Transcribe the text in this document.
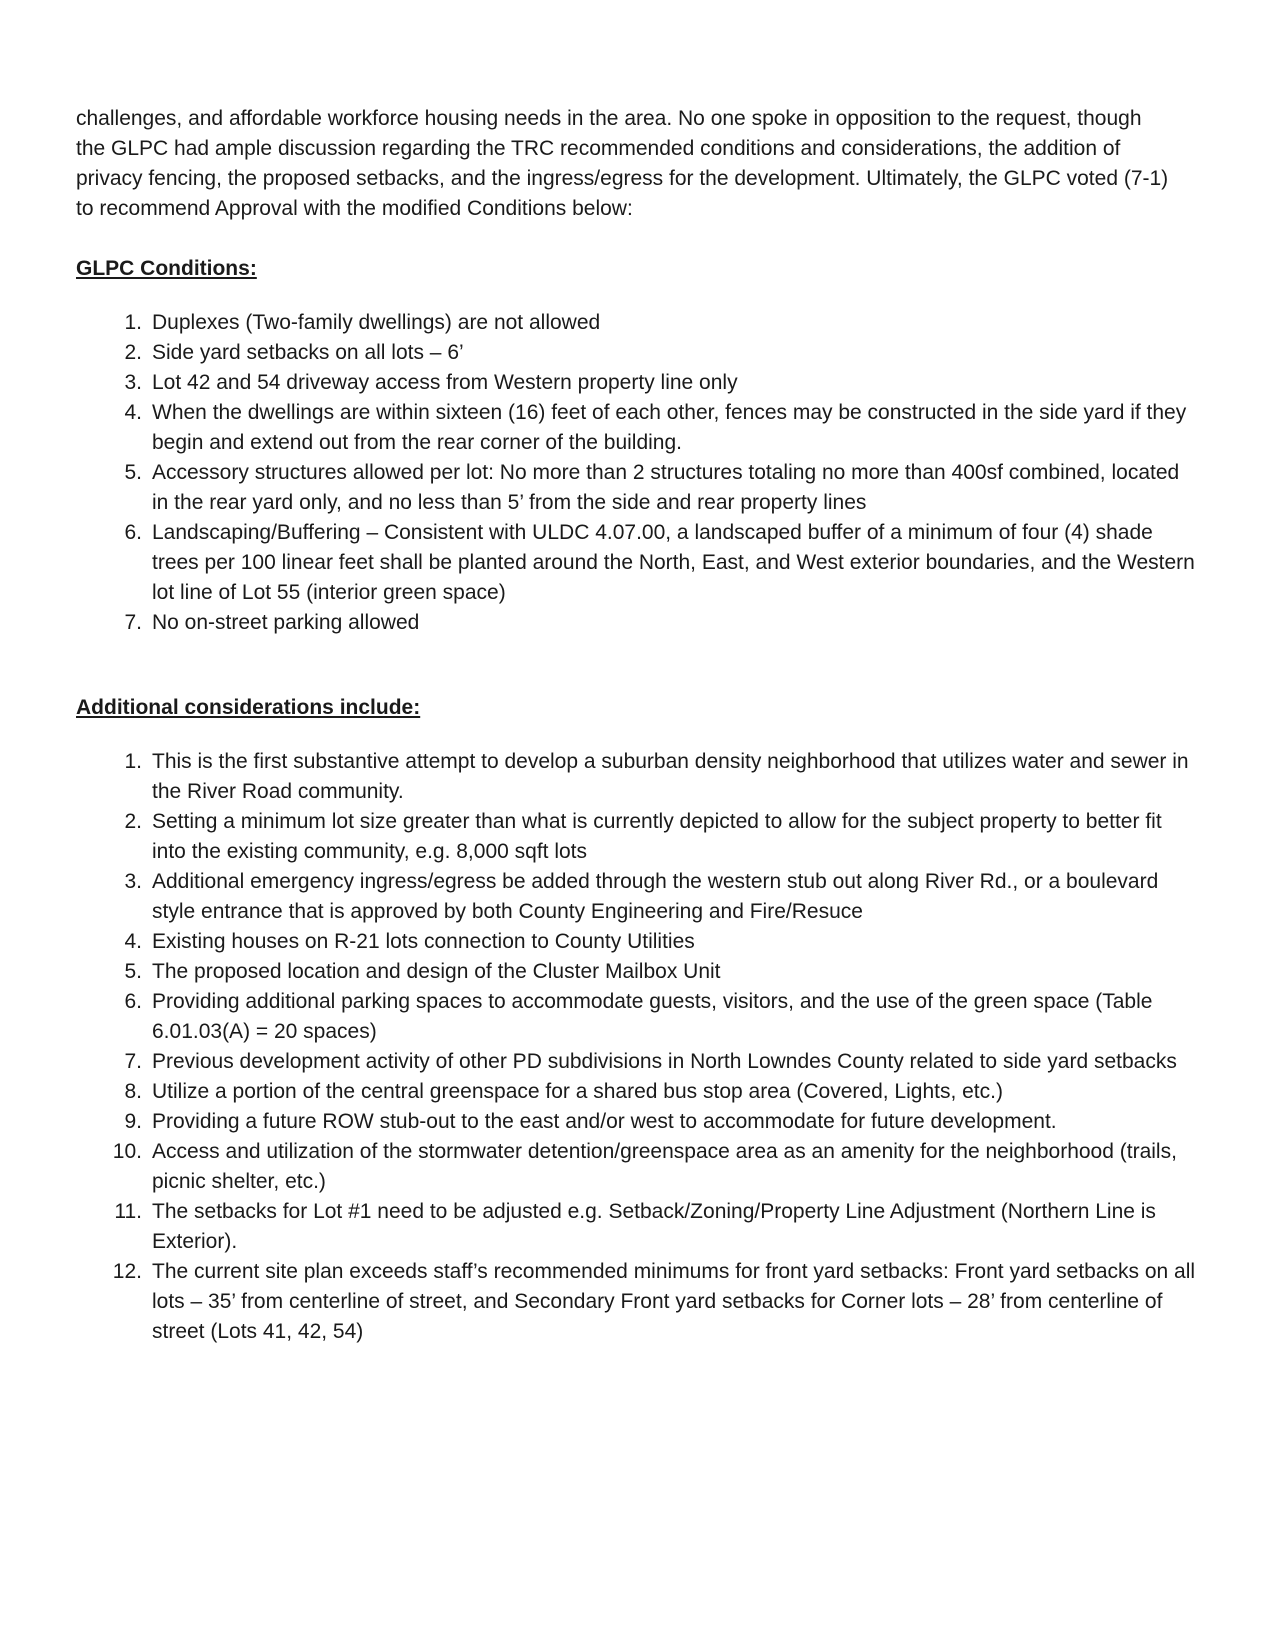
challenges, and affordable workforce housing needs in the area. No one spoke in opposition to the request, though the GLPC had ample discussion regarding the TRC recommended conditions and considerations, the addition of privacy fencing, the proposed setbacks, and the ingress/egress for the development. Ultimately, the GLPC voted (7-1) to recommend Approval with the modified Conditions below:

GLPC Conditions:

1. Duplexes (Two-family dwellings) are not allowed
2. Side yard setbacks on all lots – 6’
3. Lot 42 and 54 driveway access from Western property line only
4. When the dwellings are within sixteen (16) feet of each other, fences may be constructed in the side yard if they begin and extend out from the rear corner of the building.
5. Accessory structures allowed per lot: No more than 2 structures totaling no more than 400sf combined, located in the rear yard only, and no less than 5’ from the side and rear property lines
6. Landscaping/Buffering – Consistent with ULDC 4.07.00, a landscaped buffer of a minimum of four (4) shade trees per 100 linear feet shall be planted around the North, East, and West exterior boundaries, and the Western lot line of Lot 55 (interior green space)
7. No on-street parking allowed

Additional considerations include:

1. This is the first substantive attempt to develop a suburban density neighborhood that utilizes water and sewer in the River Road community.
2. Setting a minimum lot size greater than what is currently depicted to allow for the subject property to better fit into the existing community, e.g. 8,000 sqft lots
3. Additional emergency ingress/egress be added through the western stub out along River Rd., or a boulevard style entrance that is approved by both County Engineering and Fire/Resuce
4. Existing houses on R-21 lots connection to County Utilities
5. The proposed location and design of the Cluster Mailbox Unit
6. Providing additional parking spaces to accommodate guests, visitors, and the use of the green space (Table 6.01.03(A) = 20 spaces)
7. Previous development activity of other PD subdivisions in North Lowndes County related to side yard setbacks
8. Utilize a portion of the central greenspace for a shared bus stop area (Covered, Lights, etc.)
9. Providing a future ROW stub-out to the east and/or west to accommodate for future development.
10. Access and utilization of the stormwater detention/greenspace area as an amenity for the neighborhood (trails, picnic shelter, etc.)
11. The setbacks for Lot #1 need to be adjusted e.g. Setback/Zoning/Property Line Adjustment (Northern Line is Exterior).
12. The current site plan exceeds staff’s recommended minimums for front yard setbacks: Front yard setbacks on all lots – 35’ from centerline of street, and Secondary Front yard setbacks for Corner lots – 28’ from centerline of street (Lots 41, 42, 54)
